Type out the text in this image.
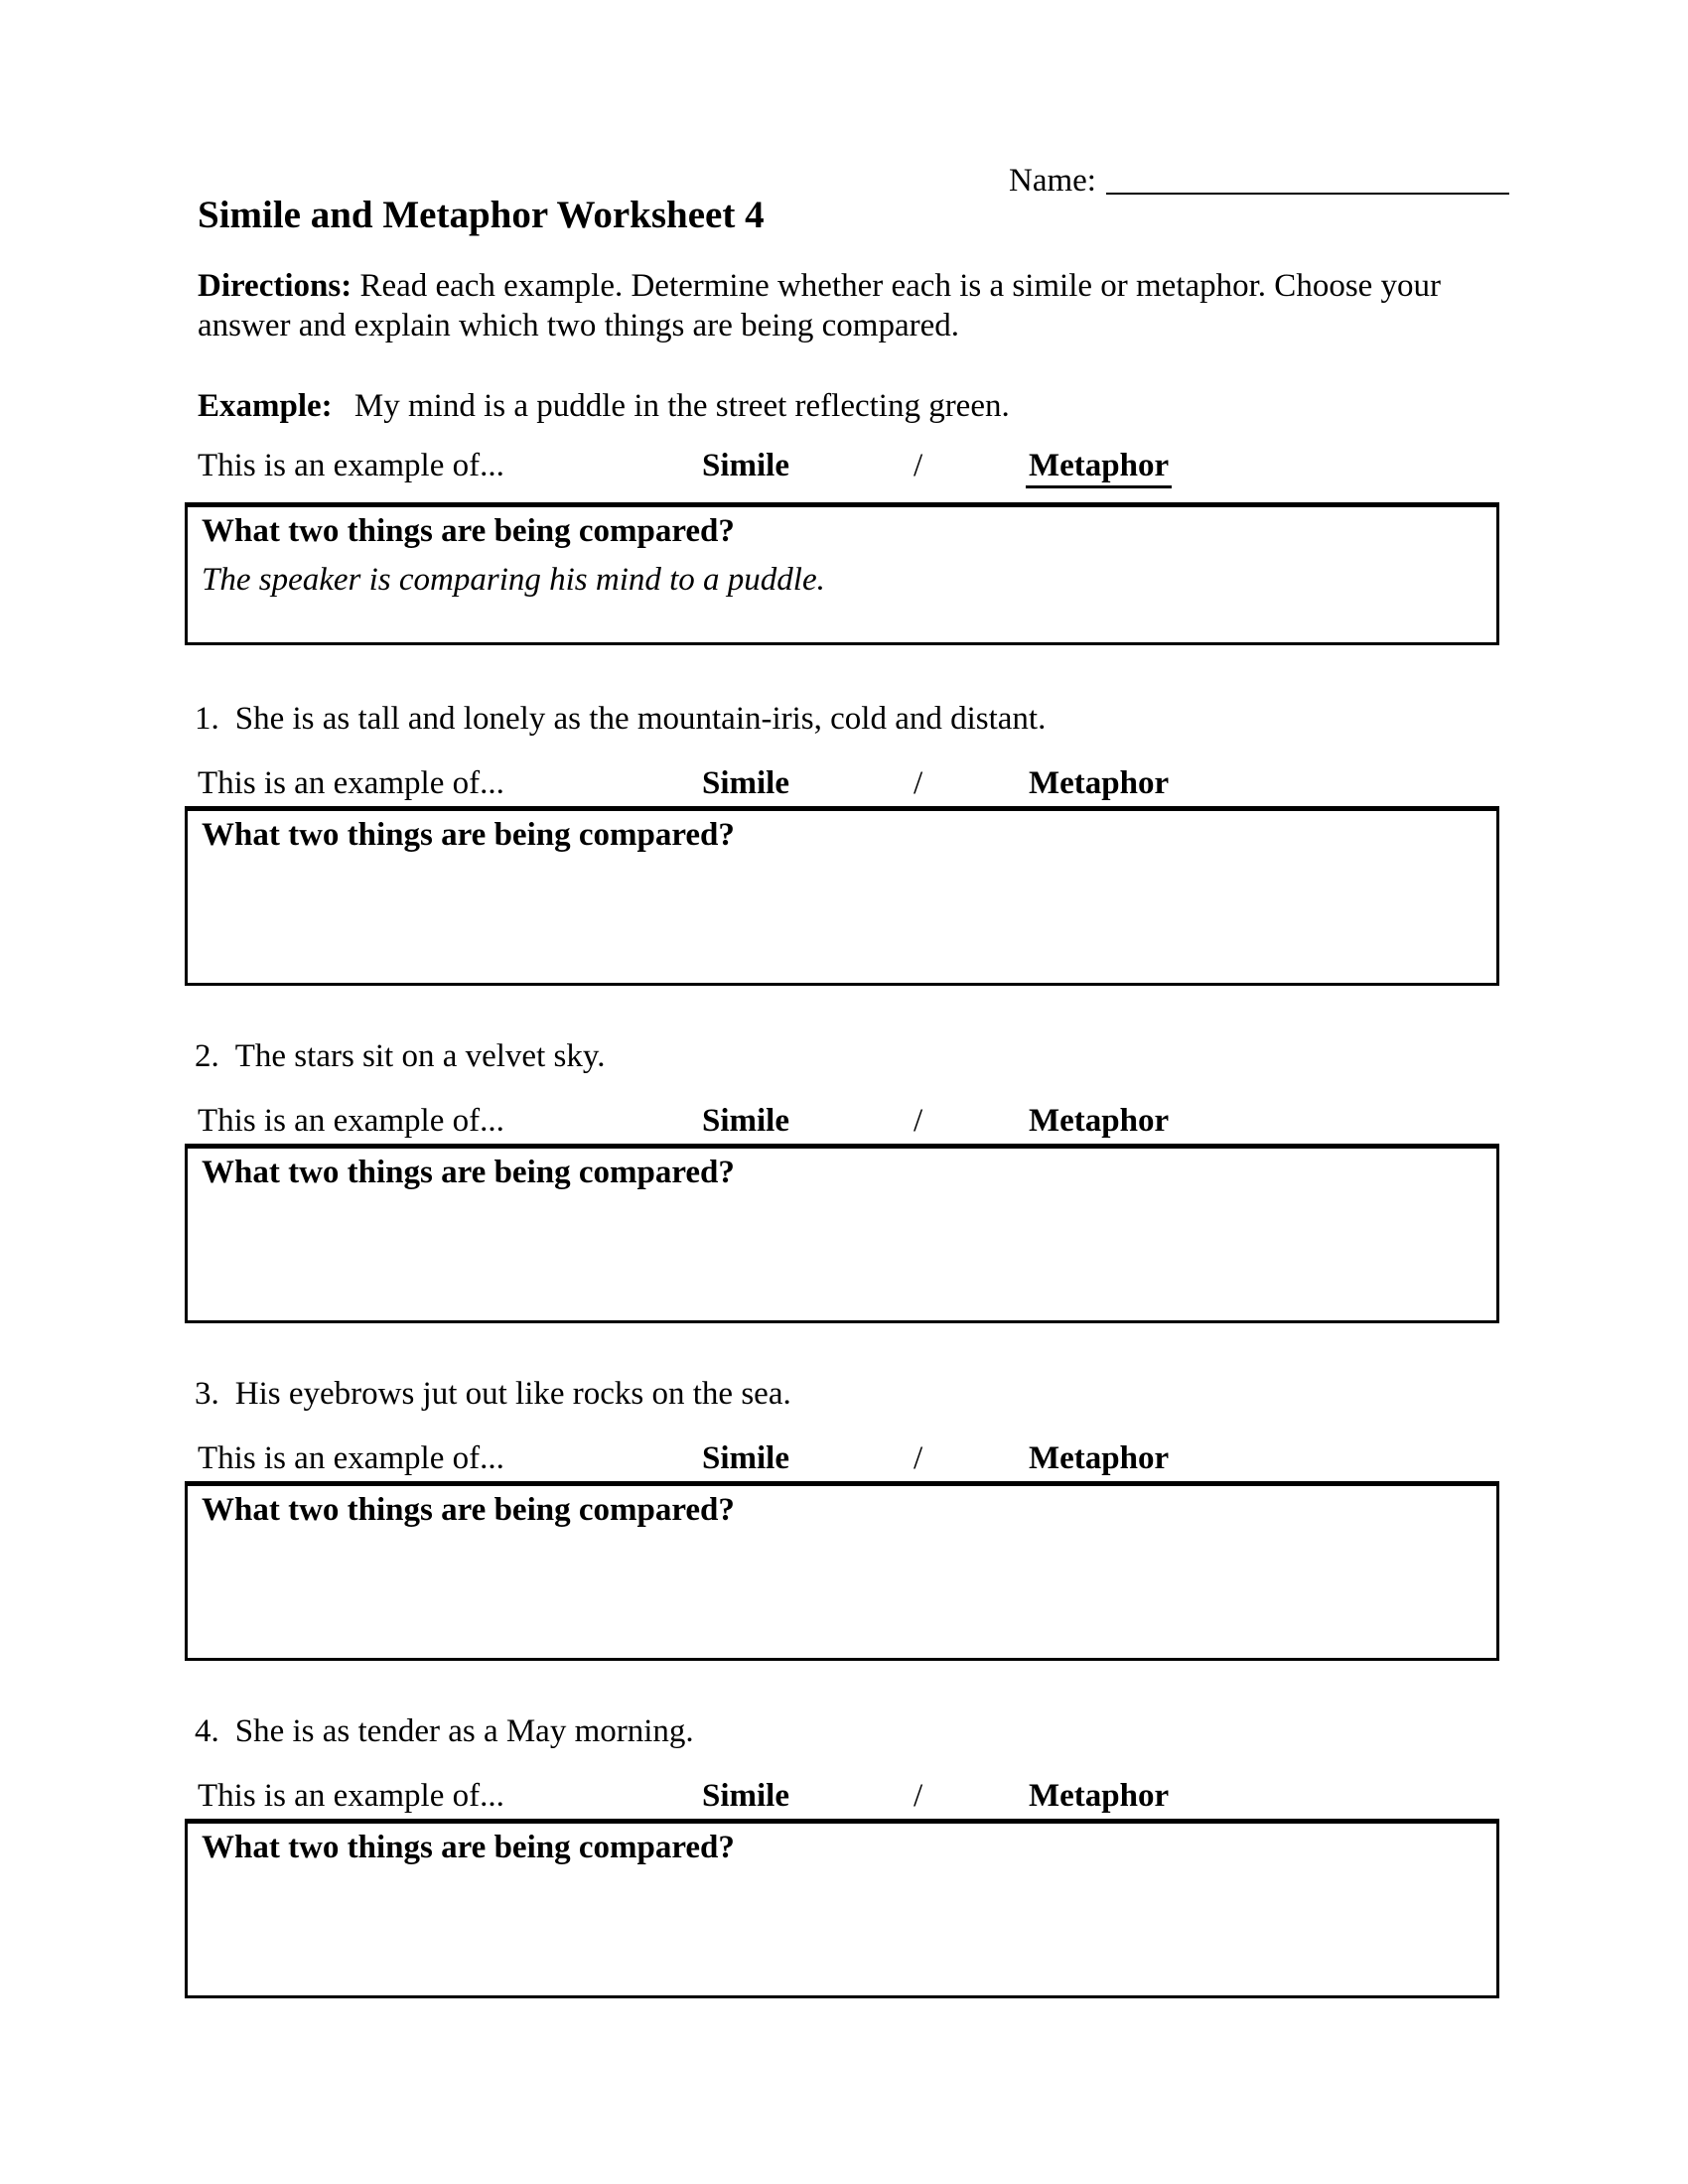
Name:
Simile and Metaphor Worksheet 4

Directions: Read each example. Determine whether each is a simile or metaphor. Choose your answer and explain which two things are being compared.

Example: My mind is a puddle in the street reflecting green.

This is an example of...	Simile	/	Metaphor

What two things are being compared?

The speaker is comparing his mind to a puddle.

1. She is as tall and lonely as the mountain-iris, cold and distant.

This is an example of...	Simile	/	Metaphor

What two things are being compared?

2. The stars sit on a velvet sky.

This is an example of...	Simile	/	Metaphor

What two things are being compared?

3. His eyebrows jut out like rocks on the sea.

This is an example of...	Simile	/	Metaphor

What two things are being compared?

4. She is as tender as a May morning.

This is an example of...	Simile	/	Metaphor

What two things are being compared?
